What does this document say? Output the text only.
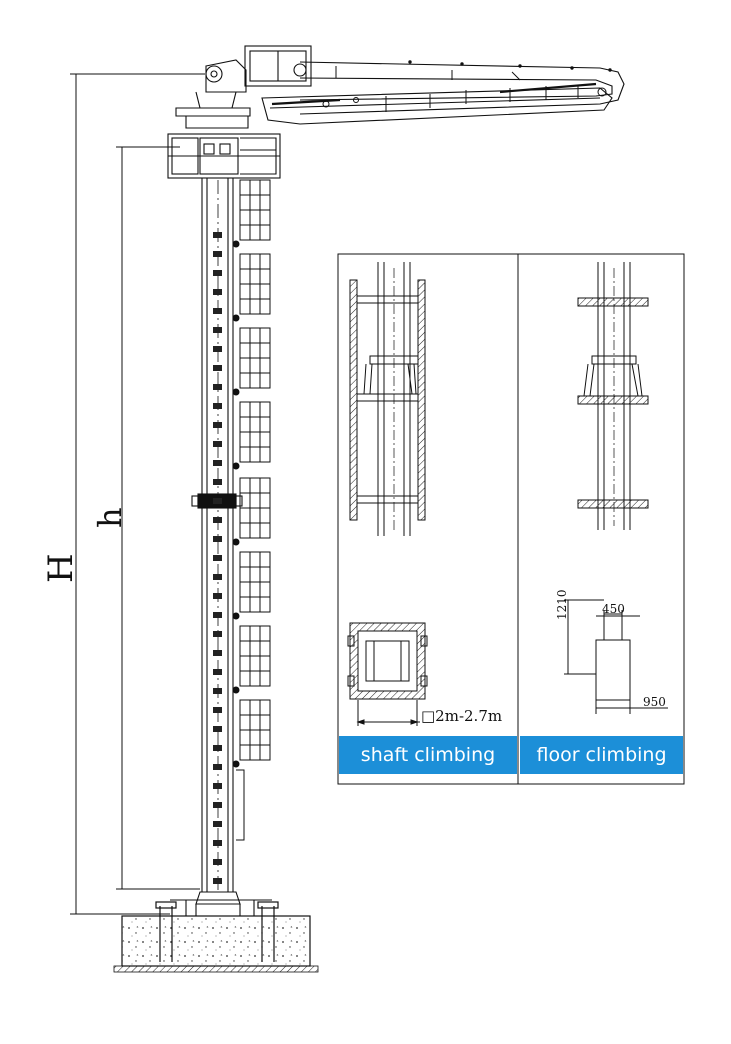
H
h
□2m-2.7m
1210	450
950
shaft climbing floor climbing
